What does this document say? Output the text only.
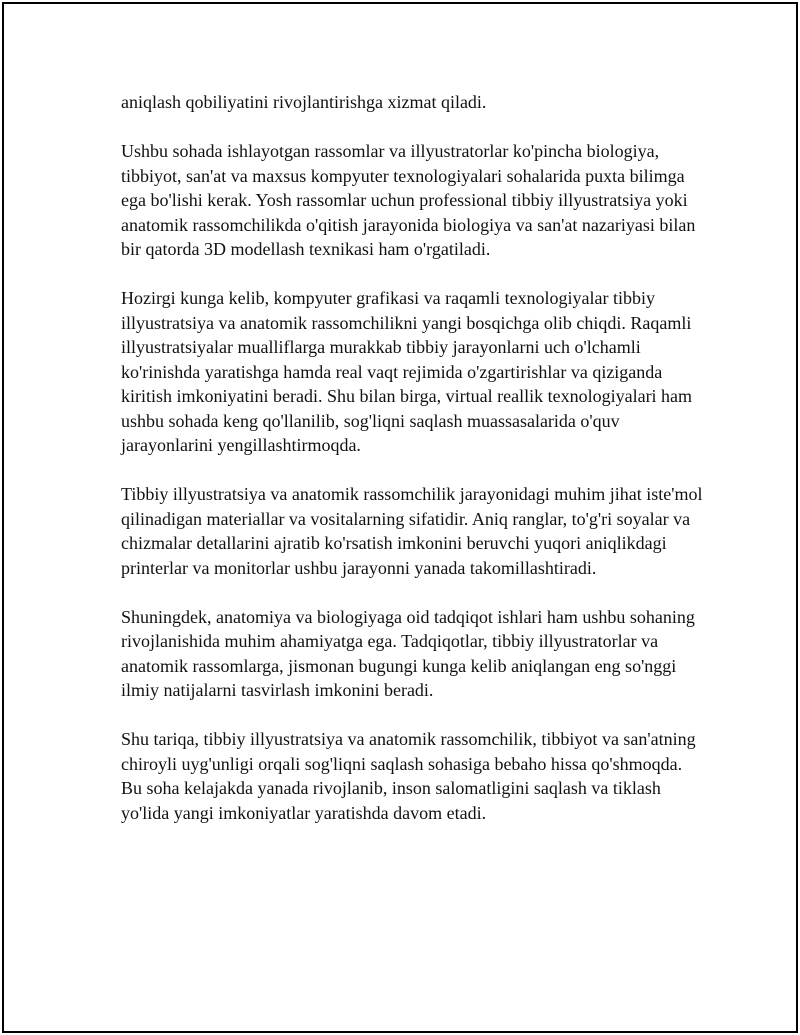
aniqlash qobiliyatini rivojlantirishga xizmat qiladi.

Ushbu sohada ishlayotgan rassomlar va illyustratorlar ko'pincha biologiya, tibbiyot, san'at va maxsus kompyuter texnologiyalari sohalarida puxta bilimga ega bo'lishi kerak. Yosh rassomlar uchun professional tibbiy illyustratsiya yoki anatomik rassomchilikda o'qitish jarayonida biologiya va san'at nazariyasi bilan bir qatorda 3D modellash texnikasi ham o'rgatiladi.

Hozirgi kunga kelib, kompyuter grafikasi va raqamli texnologiyalar tibbiy illyustratsiya va anatomik rassomchilikni yangi bosqichga olib chiqdi. Raqamli illyustratsiyalar mualliflarga murakkab tibbiy jarayonlarni uch o'lchamli ko'rinishda yaratishga hamda real vaqt rejimida o'zgartirishlar va qiziganda kiritish imkoniyatini beradi. Shu bilan birga, virtual reallik texnologiyalari ham ushbu sohada keng qo'llanilib, sog'liqni saqlash muassasalarida o'quv jarayonlarini yengillashtirmoqda.

Tibbiy illyustratsiya va anatomik rassomchilik jarayonidagi muhim jihat iste'mol qilinadigan materiallar va vositalarning sifatidir. Aniq ranglar, to'g'ri soyalar va chizmalar detallarini ajratib ko'rsatish imkonini beruvchi yuqori aniqlikdagi printerlar va monitorlar ushbu jarayonni yanada takomillashtiradi.

Shuningdek, anatomiya va biologiyaga oid tadqiqot ishlari ham ushbu sohaning rivojlanishida muhim ahamiyatga ega. Tadqiqotlar, tibbiy illyustratorlar va anatomik rassomlarga, jismonan bugungi kunga kelib aniqlangan eng so'nggi ilmiy natijalarni tasvirlash imkonini beradi.

Shu tariqa, tibbiy illyustratsiya va anatomik rassomchilik, tibbiyot va san'atning chiroyli uyg'unligi orqali sog'liqni saqlash sohasiga bebaho hissa qo'shmoqda. Bu soha kelajakda yanada rivojlanib, inson salomatligini saqlash va tiklash yo'lida yangi imkoniyatlar yaratishda davom etadi.
